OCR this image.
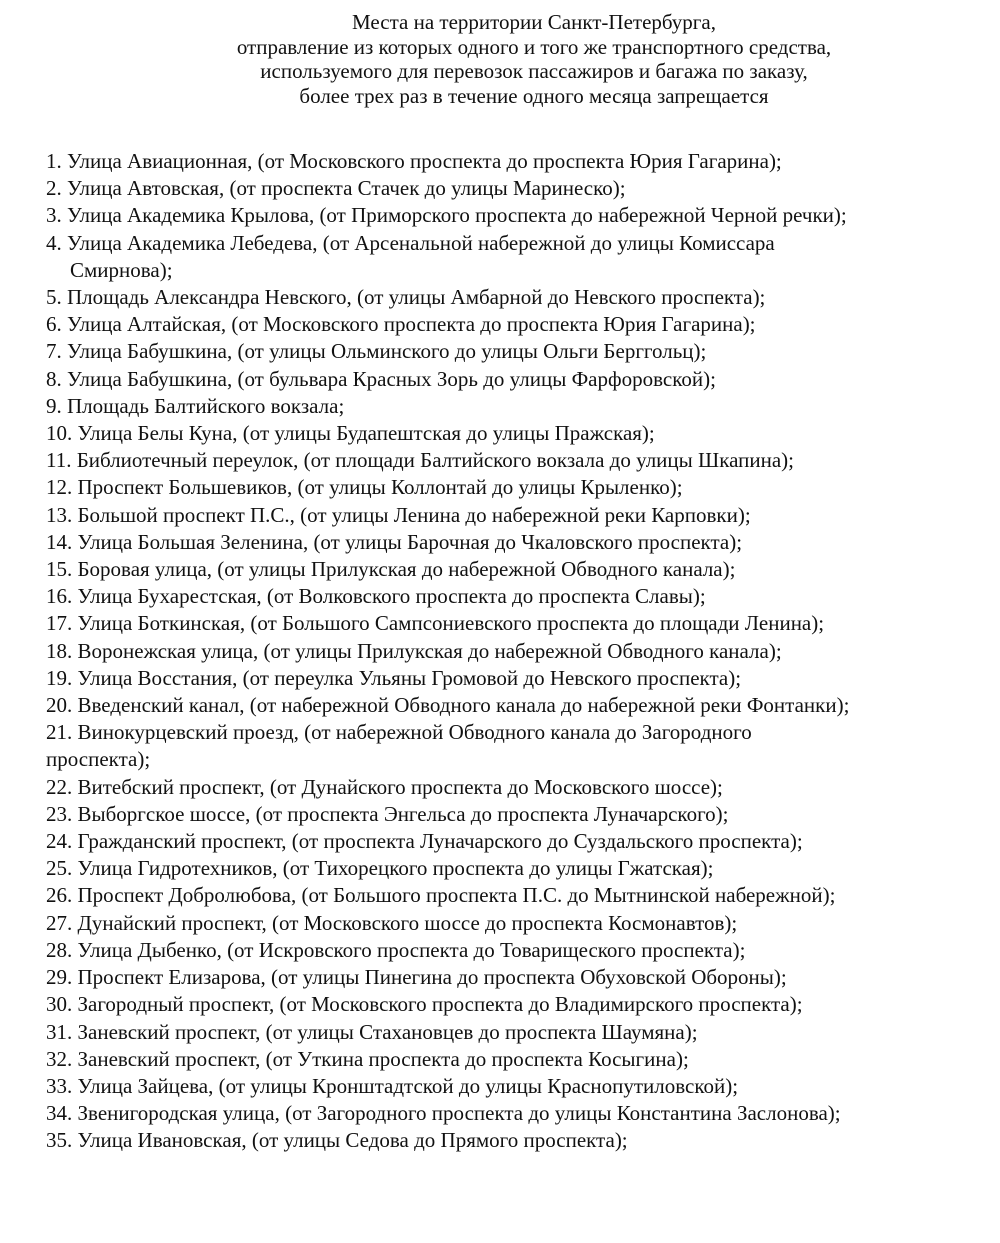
Места на территории Санкт-Петербурга,
отправление из которых одного и того же транспортного средства,
используемого для перевозок пассажиров и багажа по заказу,
более трех раз в течение одного месяца запрещается
1. Улица Авиационная, (от Московского проспекта до проспекта Юрия Гагарина);
2. Улица Автовская, (от проспекта Стачек до улицы Маринеско);
3. Улица Академика Крылова, (от Приморского проспекта до набережной Черной речки);
4. Улица Академика Лебедева, (от Арсенальной набережной до улицы Комиссара
Смирнова);
5. Площадь Александра Невского, (от улицы Амбарной до Невского проспекта);
6. Улица Алтайская, (от Московского проспекта до проспекта Юрия Гагарина);
7. Улица Бабушкина, (от улицы Ольминского до улицы Ольги Берггольц);
8. Улица Бабушкина, (от бульвара Красных Зорь до улицы Фарфоровской);
9. Площадь Балтийского вокзала;
10. Улица Белы Куна, (от улицы Будапештская до улицы Пражская);
11. Библиотечный переулок, (от площади Балтийского вокзала до улицы Шкапина);
12. Проспект Большевиков, (от улицы Коллонтай до улицы Крыленко);
13. Большой проспект П.С., (от улицы Ленина до набережной реки Карповки);
14. Улица Большая Зеленина, (от улицы Барочная до Чкаловского проспекта);
15. Боровая улица, (от улицы Прилукская до набережной Обводного канала);
16. Улица Бухарестская, (от Волковского проспекта до проспекта Славы);
17. Улица Боткинская, (от Большого Сампсониевского проспекта до площади Ленина);
18. Воронежская улица, (от улицы Прилукская до набережной Обводного канала);
19. Улица Восстания, (от переулка Ульяны Громовой до Невского проспекта);
20. Введенский канал, (от набережной Обводного канала до набережной реки Фонтанки);
21. Винокурцевский проезд, (от набережной Обводного канала до Загородного
проспекта);
22. Витебский проспект, (от Дунайского проспекта до Московского шоссе);
23. Выборгское шоссе, (от проспекта Энгельса до проспекта Луначарского);
24. Гражданский проспект, (от проспекта Луначарского до Суздальского проспекта);
25. Улица Гидротехников, (от Тихорецкого проспекта до улицы Гжатская);
26. Проспект Добролюбова, (от Большого проспекта П.С. до Мытнинской набережной);
27. Дунайский проспект, (от Московского шоссе до проспекта Космонавтов);
28. Улица Дыбенко, (от Искровского проспекта до Товарищеского проспекта);
29. Проспект Елизарова, (от улицы Пинегина до проспекта Обуховской Обороны);
30. Загородный проспект, (от Московского проспекта до Владимирского проспекта);
31. Заневский проспект, (от улицы Стахановцев до проспекта Шаумяна);
32. Заневский проспект, (от Уткина проспекта до проспекта Косыгина);
33. Улица Зайцева, (от улицы Кронштадтской до улицы Краснопутиловской);
34. Звенигородская улица, (от Загородного проспекта до улицы Константина Заслонова);
35. Улица Ивановская, (от улицы Седова до Прямого проспекта);
